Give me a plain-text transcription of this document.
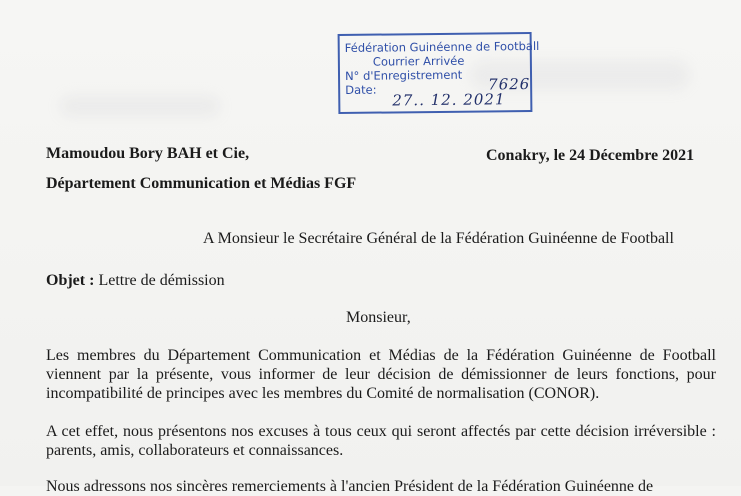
Fédération Guinéenne de Football
Courrier Arrivée
N° d'Enregistrement
Date:	7626
27.. 12. 2021
Mamoudou Bory BAH et Cie,
Département Communication et Médias FGF
Conakry, le 24 Décembre 2021
A Monsieur le Secrétaire Général de la Fédération Guinéenne de Football
Objet : Lettre de démission
Monsieur,
Les membres du Département Communication et Médias de la Fédération Guinéenne de Football viennent par la présente, vous informer de leur décision de démissionner de leurs fonctions, pour incompatibilité de principes avec les membres du Comité de normalisation (CONOR).
A cet effet, nous présentons nos excuses à tous ceux qui seront affectés par cette décision irréversible : parents, amis, collaborateurs et connaissances.
Nous adressons nos sincères remerciements à l'ancien Président de la Fédération Guinéenne de
